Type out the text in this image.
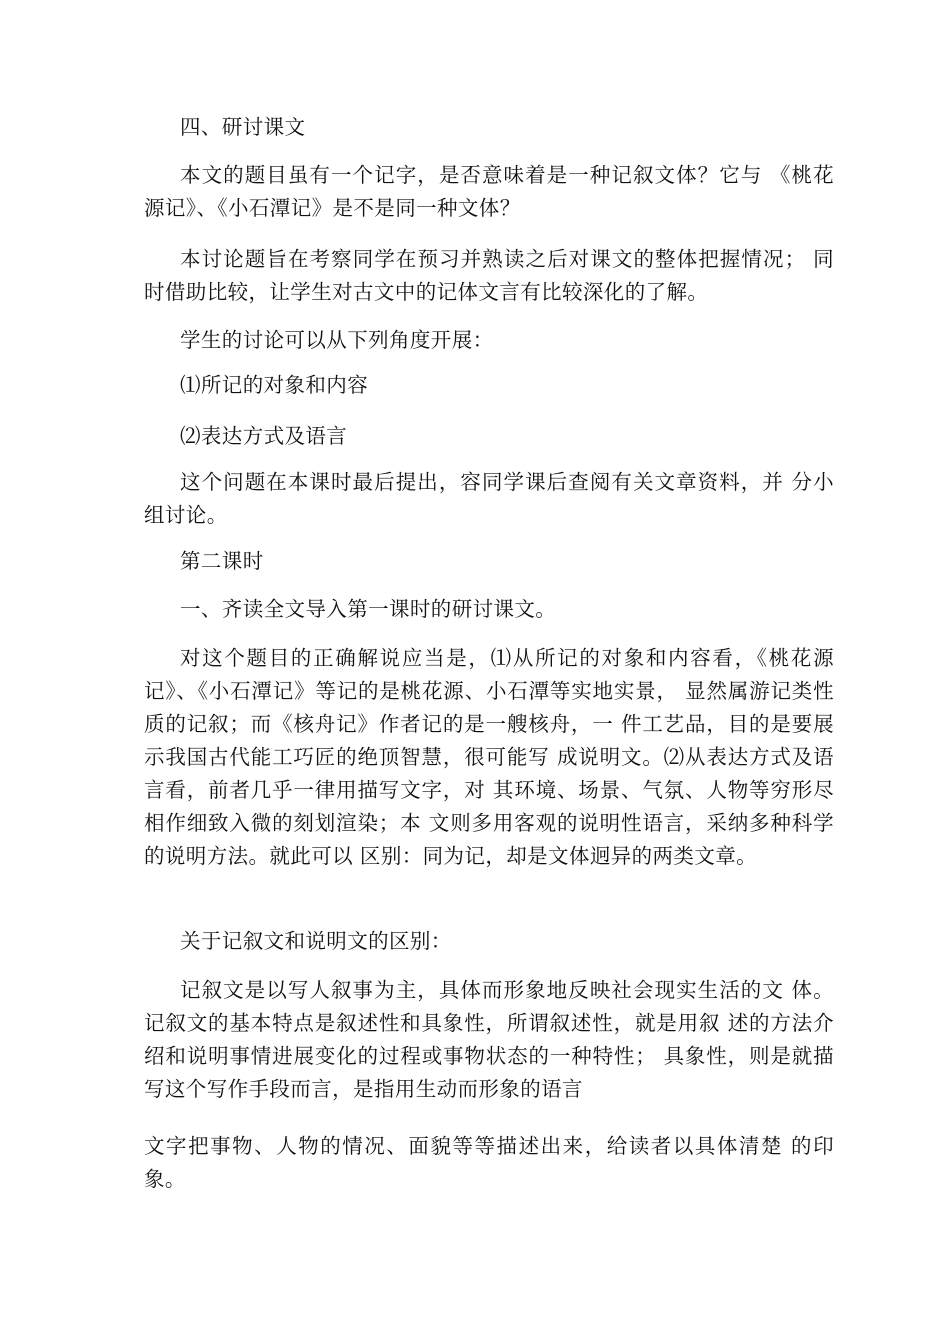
四、研讨课文

本文的题目虽有一个记字，是否意味着是一种记叙文体？它与 《桃花源记》、《小石潭记》是不是同一种文体？

本讨论题旨在考察同学在预习并熟读之后对课文的整体把握情况； 同时借助比较，让学生对古文中的记体文言有比较深化的了解。

学生的讨论可以从下列角度开展：

⑴所记的对象和内容

⑵表达方式及语言

这个问题在本课时最后提出，容同学课后查阅有关文章资料，并 分小组讨论。

第二课时

一、齐读全文导入第一课时的研讨课文。

对这个题目的正确解说应当是，⑴从所记的对象和内容看，《桃花源记》、《小石潭记》等记的是桃花源、小石潭等实地实景， 显然属游记类性质的记叙；而《核舟记》作者记的是一艘核舟，一 件工艺品，目的是要展示我国古代能工巧匠的绝顶智慧，很可能写 成说明文。⑵从表达方式及语言看，前者几乎一律用描写文字，对 其环境、场景、气氛、人物等穷形尽相作细致入微的刻划渲染；本 文则多用客观的说明性语言，采纳多种科学的说明方法。就此可以 区别：同为记，却是文体迥异的两类文章。

关于记叙文和说明文的区别：

记叙文是以写人叙事为主，具体而形象地反映社会现实生活的文 体。记叙文的基本特点是叙述性和具象性，所谓叙述性，就是用叙 述的方法介绍和说明事情进展变化的过程或事物状态的一种特性； 具象性，则是就描写这个写作手段而言，是指用生动而形象的语言

文字把事物、人物的情况、面貌等等描述出来，给读者以具体清楚 的印象。
